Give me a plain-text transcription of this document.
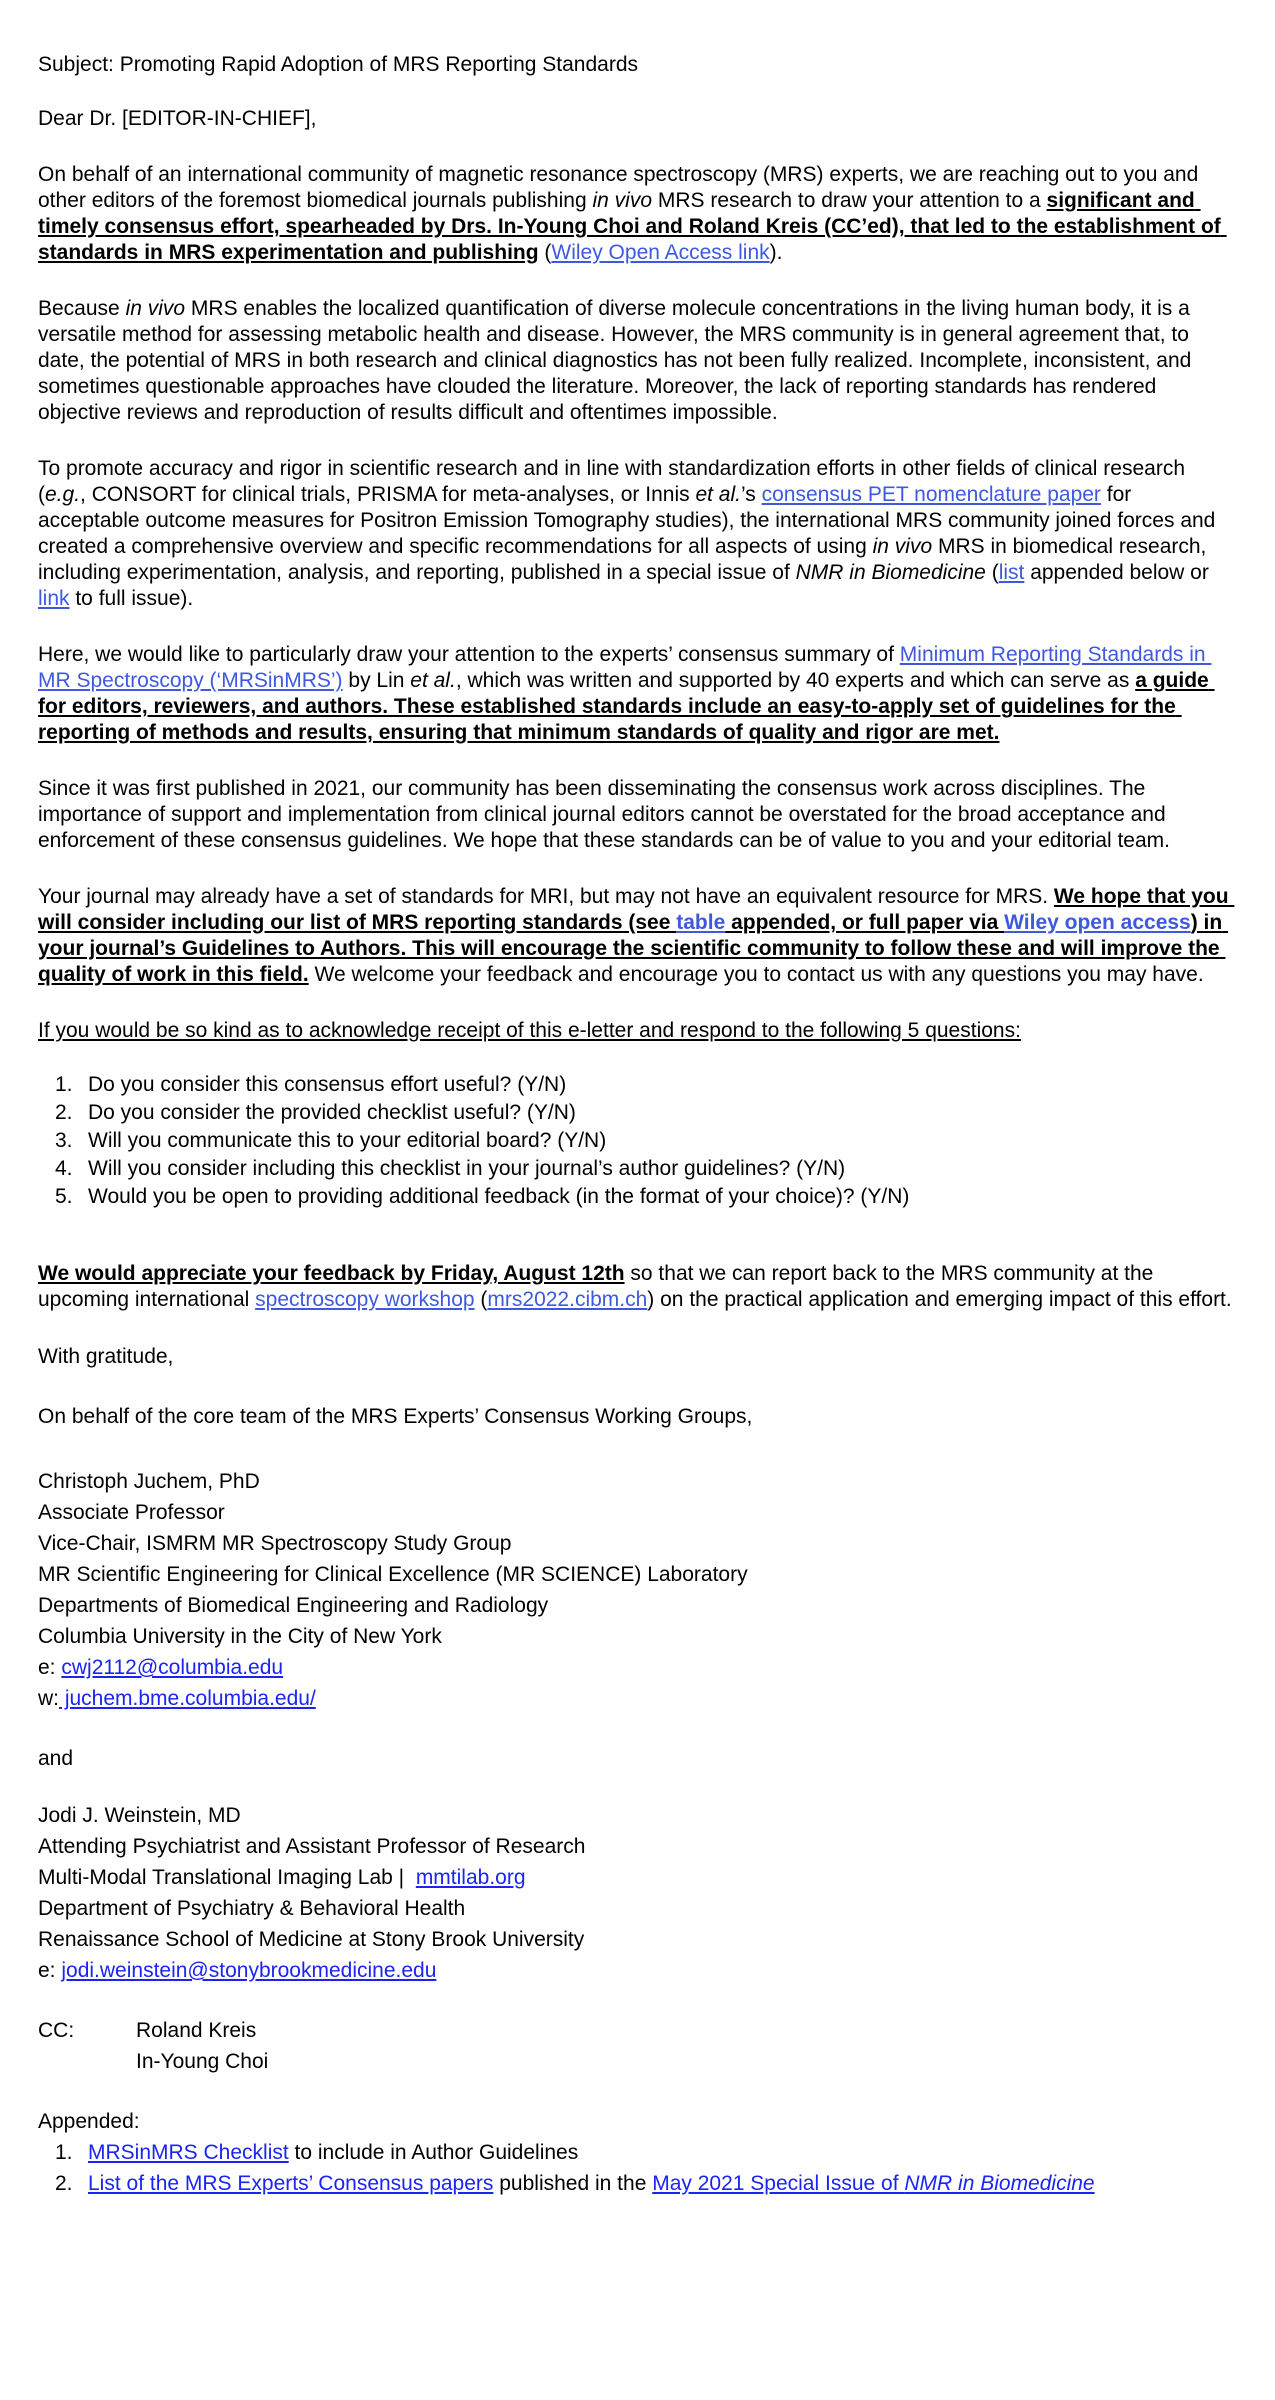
Subject: Promoting Rapid Adoption of MRS Reporting Standards

Dear Dr. [EDITOR-IN-CHIEF],

On behalf of an international community of magnetic resonance spectroscopy (MRS) experts, we are reaching out to you and other editors of the foremost biomedical journals publishing in vivo MRS research to draw your attention to a significant and timely consensus effort, spearheaded by Drs. In-Young Choi and Roland Kreis (CC’ed), that led to the establishment of standards in MRS experimentation and publishing (Wiley Open Access link).

Because in vivo MRS enables the localized quantification of diverse molecule concentrations in the living human body, it is a versatile method for assessing metabolic health and disease. However, the MRS community is in general agreement that, to date, the potential of MRS in both research and clinical diagnostics has not been fully realized. Incomplete, inconsistent, and sometimes questionable approaches have clouded the literature. Moreover, the lack of reporting standards has rendered objective reviews and reproduction of results difficult and oftentimes impossible.

To promote accuracy and rigor in scientific research and in line with standardization efforts in other fields of clinical research (e.g., CONSORT for clinical trials, PRISMA for meta-analyses, or Innis et al.’s consensus PET nomenclature paper for acceptable outcome measures for Positron Emission Tomography studies), the international MRS community joined forces and created a comprehensive overview and specific recommendations for all aspects of using in vivo MRS in biomedical research, including experimentation, analysis, and reporting, published in a special issue of NMR in Biomedicine (list appended below or link to full issue).

Here, we would like to particularly draw your attention to the experts’ consensus summary of Minimum Reporting Standards in MR Spectroscopy (‘MRSinMRS’) by Lin et al., which was written and supported by 40 experts and which can serve as a guide for editors, reviewers, and authors. These established standards include an easy-to-apply set of guidelines for the reporting of methods and results, ensuring that minimum standards of quality and rigor are met.

Since it was first published in 2021, our community has been disseminating the consensus work across disciplines. The importance of support and implementation from clinical journal editors cannot be overstated for the broad acceptance and enforcement of these consensus guidelines. We hope that these standards can be of value to you and your editorial team.

Your journal may already have a set of standards for MRI, but may not have an equivalent resource for MRS. We hope that you will consider including our list of MRS reporting standards (see table appended, or full paper via Wiley open access) in your journal’s Guidelines to Authors. This will encourage the scientific community to follow these and will improve the quality of work in this field. We welcome your feedback and encourage you to contact us with any questions you may have.

If you would be so kind as to acknowledge receipt of this e-letter and respond to the following 5 questions:

1. Do you consider this consensus effort useful? (Y/N)
2. Do you consider the provided checklist useful? (Y/N)
3. Will you communicate this to your editorial board? (Y/N)
4. Will you consider including this checklist in your journal’s author guidelines? (Y/N)
5. Would you be open to providing additional feedback (in the format of your choice)? (Y/N)

We would appreciate your feedback by Friday, August 12th so that we can report back to the MRS community at the upcoming international spectroscopy workshop (mrs2022.cibm.ch) on the practical application and emerging impact of this effort.

With gratitude,

On behalf of the core team of the MRS Experts’ Consensus Working Groups,

Christoph Juchem, PhD

Associate Professor

Vice-Chair, ISMRM MR Spectroscopy Study Group

MR Scientific Engineering for Clinical Excellence (MR SCIENCE) Laboratory

Departments of Biomedical Engineering and Radiology

Columbia University in the City of New York

e: cwj2112@columbia.edu

w: juchem.bme.columbia.edu/

and

Jodi J. Weinstein, MD

Attending Psychiatrist and Assistant Professor of Research

Multi-Modal Translational Imaging Lab |  mmtilab.org

Department of Psychiatry & Behavioral Health

Renaissance School of Medicine at Stony Brook University

e: jodi.weinstein@stonybrookmedicine.edu

CC:	Roland Kreis
In-Young Choi

Appended:

1. MRSinMRS Checklist to include in Author Guidelines
2. List of the MRS Experts’ Consensus papers published in the May 2021 Special Issue of NMR in Biomedicine
